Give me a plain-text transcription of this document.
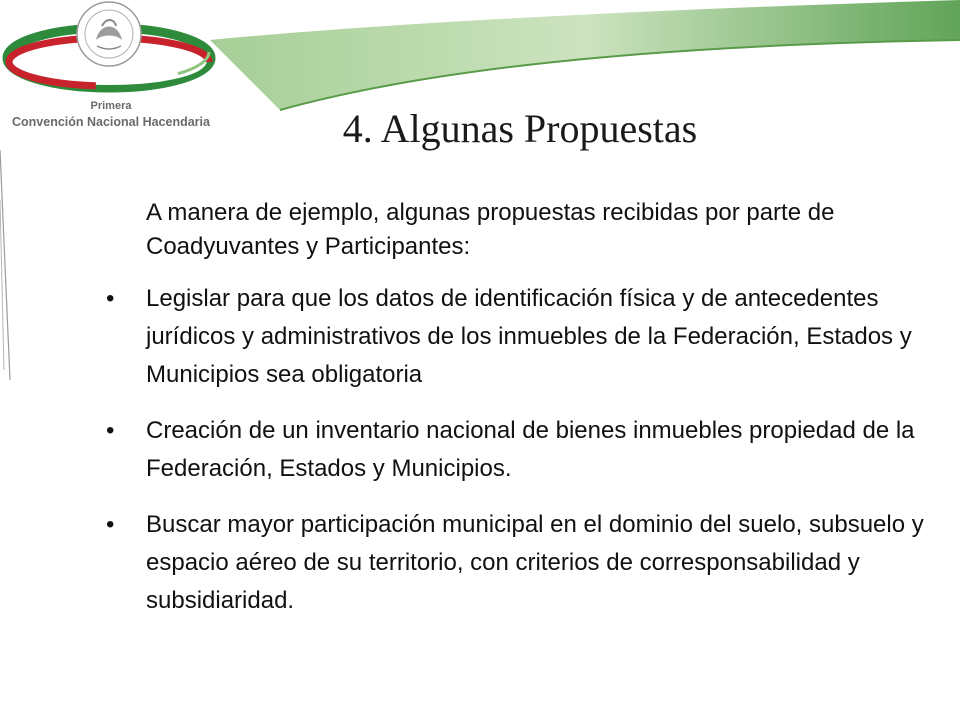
Primera
Convención Nacional Hacendaria	4. Algunas Propuestas

A manera de ejemplo, algunas propuestas recibidas por parte de Coadyuvantes y Participantes:

• Legislar para que los datos de identificación física y de antecedentes jurídicos y administrativos de los inmuebles de la Federación, Estados y Municipios sea obligatoria
• Creación de un inventario nacional de bienes inmuebles propiedad de la Federación, Estados y Municipios.
• Buscar mayor participación municipal en el dominio del suelo, subsuelo y espacio aéreo de su territorio, con criterios de corresponsabilidad y subsidiaridad.
